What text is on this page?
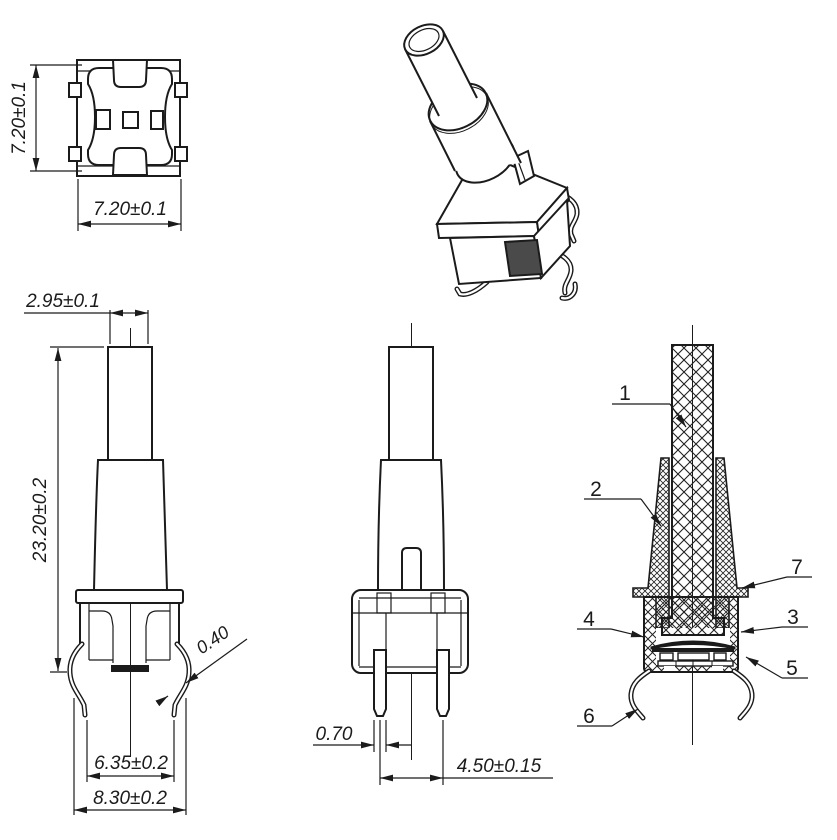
7.20±0.1
7.20±0.1
2.95±0.1
23.20±0.2
0.40
6.35±0.2
8.30±0.2
0.70
4.50±0.15
1
2
7
3
4
5
6
